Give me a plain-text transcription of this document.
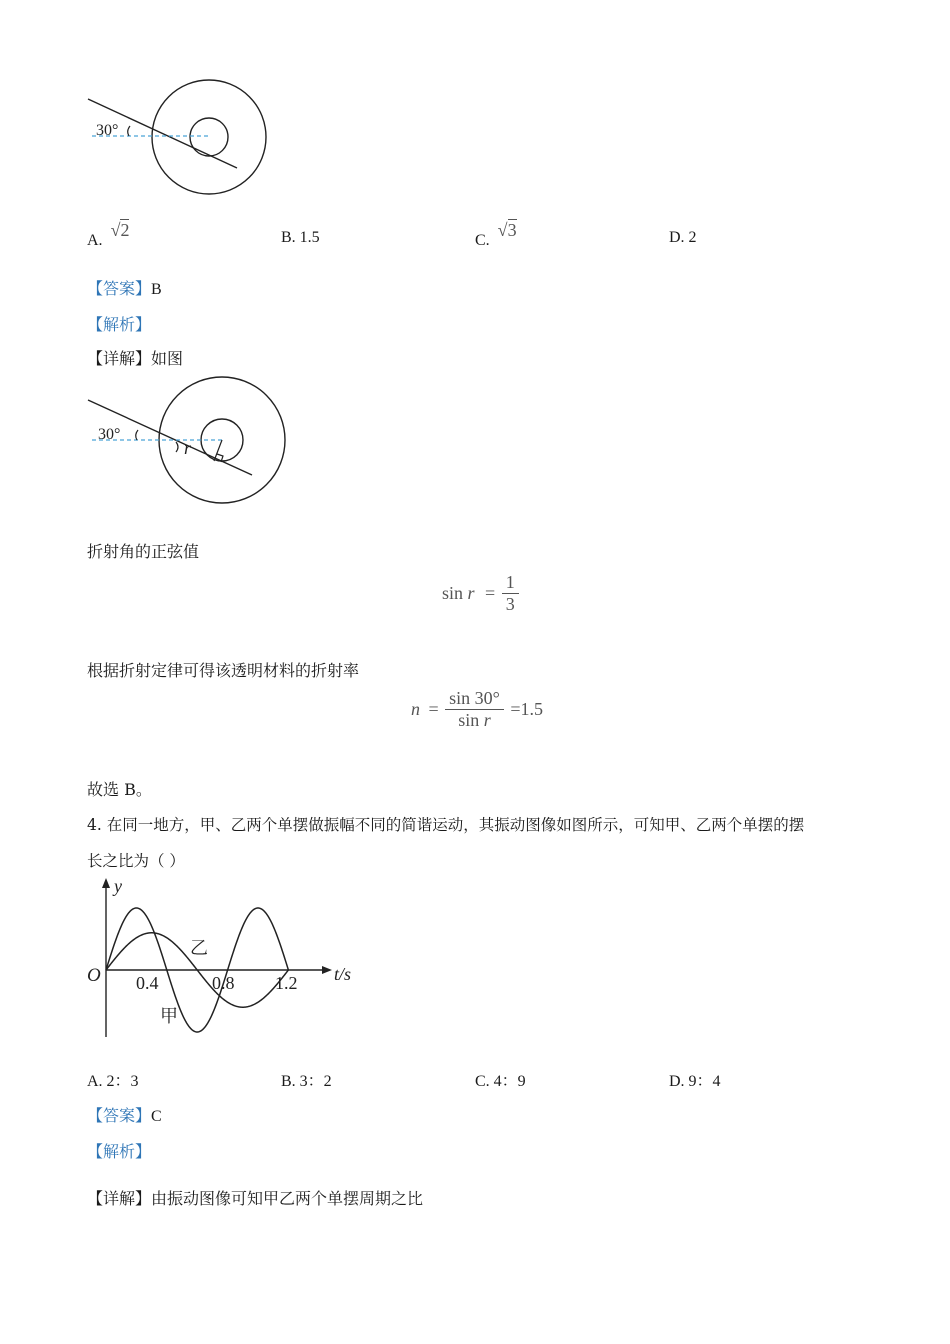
30°
A. √2	B. 1.5	C. √3	D. 2
【答案】B
【解析】
【详解】如图
30°
r
折射角的正弦值
$\sin r = \frac{1}{3}$
根据折射定律可得该透明材料的折射率
$n = \frac{\sin 30^\circ}{\text{sin r}} =1.5$
故选 B。
4. 在同一地方，甲、乙两个单摆做振幅不同的简谐运动，其振动图像如图所示，可知甲、乙两个单摆的摆
长之比为（ ）
y
t/s
O 0.4	0.8 1.2
乙
甲
A. 2：3	B. 3：2	C. 4：9	D. 9：4
【答案】C
【解析】
【详解】由振动图像可知甲乙两个单摆周期之比
